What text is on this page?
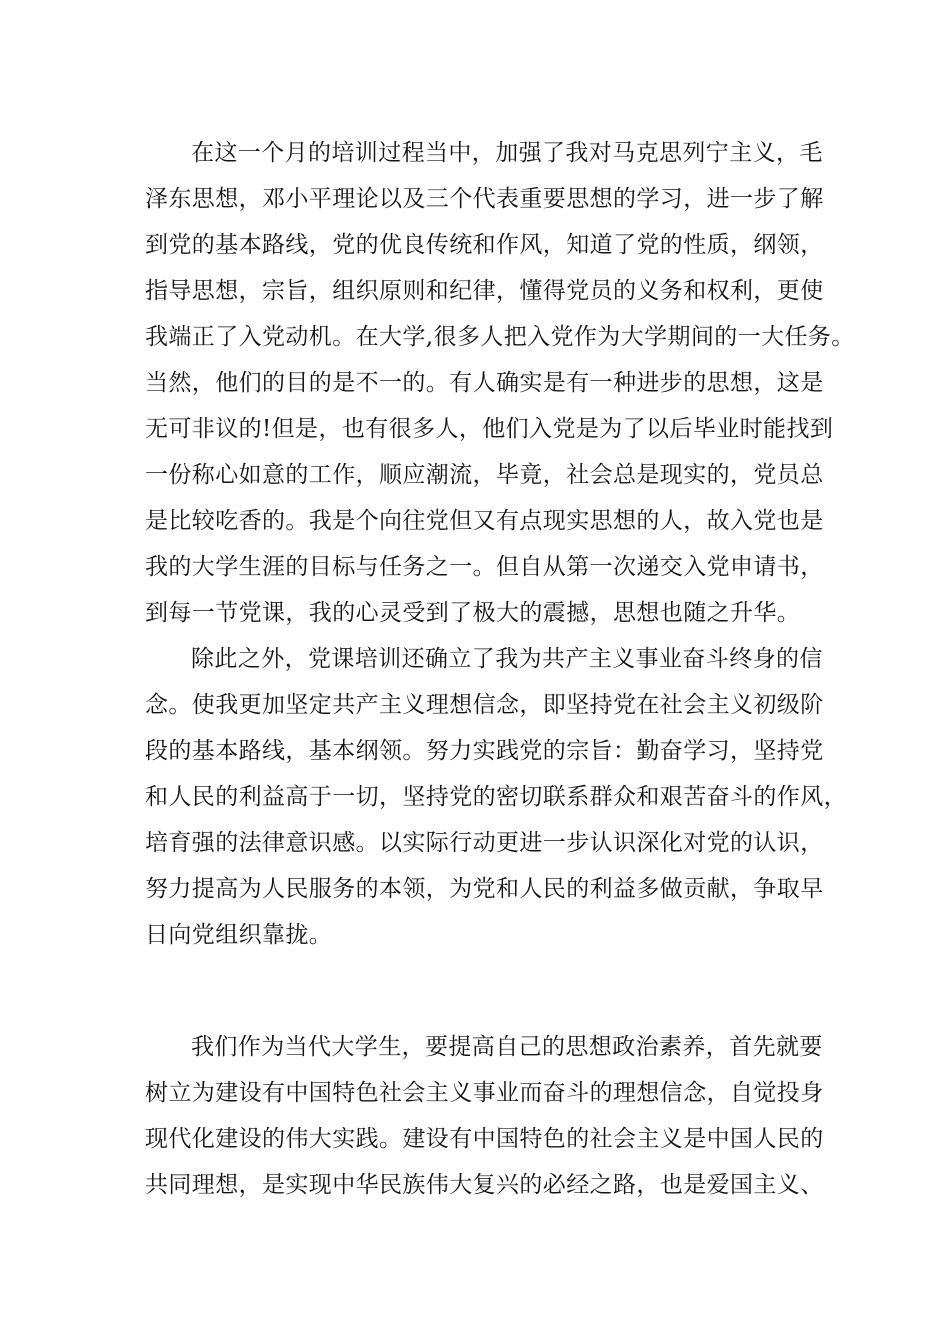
在这一个月的培训过程当中，加强了我对马克思列宁主义，毛
泽东思想，邓小平理论以及三个代表重要思想的学习，进一步了解
到党的基本路线，党的优良传统和作风，知道了党的性质，纲领，
指导思想，宗旨，组织原则和纪律，懂得党员的义务和权利，更使
我端正了入党动机。在大学,很多人把入党作为大学期间的一大任务。
当然，他们的目的是不一的。有人确实是有一种进步的思想，这是
无可非议的!但是，也有很多人，他们入党是为了以后毕业时能找到
一份称心如意的工作，顺应潮流，毕竟，社会总是现实的，党员总
是比较吃香的。我是个向往党但又有点现实思想的人，故入党也是
我的大学生涯的目标与任务之一。但自从第一次递交入党申请书，
到每一节党课，我的心灵受到了极大的震撼，思想也随之升华。
除此之外，党课培训还确立了我为共产主义事业奋斗终身的信
念。使我更加坚定共产主义理想信念，即坚持党在社会主义初级阶
段的基本路线，基本纲领。努力实践党的宗旨：勤奋学习，坚持党
和人民的利益高于一切，坚持党的密切联系群众和艰苦奋斗的作风，
培育强的法律意识感。以实际行动更进一步认识深化对党的认识，
努力提高为人民服务的本领，为党和人民的利益多做贡献，争取早
日向党组织靠拢。
我们作为当代大学生，要提高自己的思想政治素养，首先就要
树立为建设有中国特色社会主义事业而奋斗的理想信念，自觉投身
现代化建设的伟大实践。建设有中国特色的社会主义是中国人民的
共同理想，是实现中华民族伟大复兴的必经之路，也是爱国主义、
